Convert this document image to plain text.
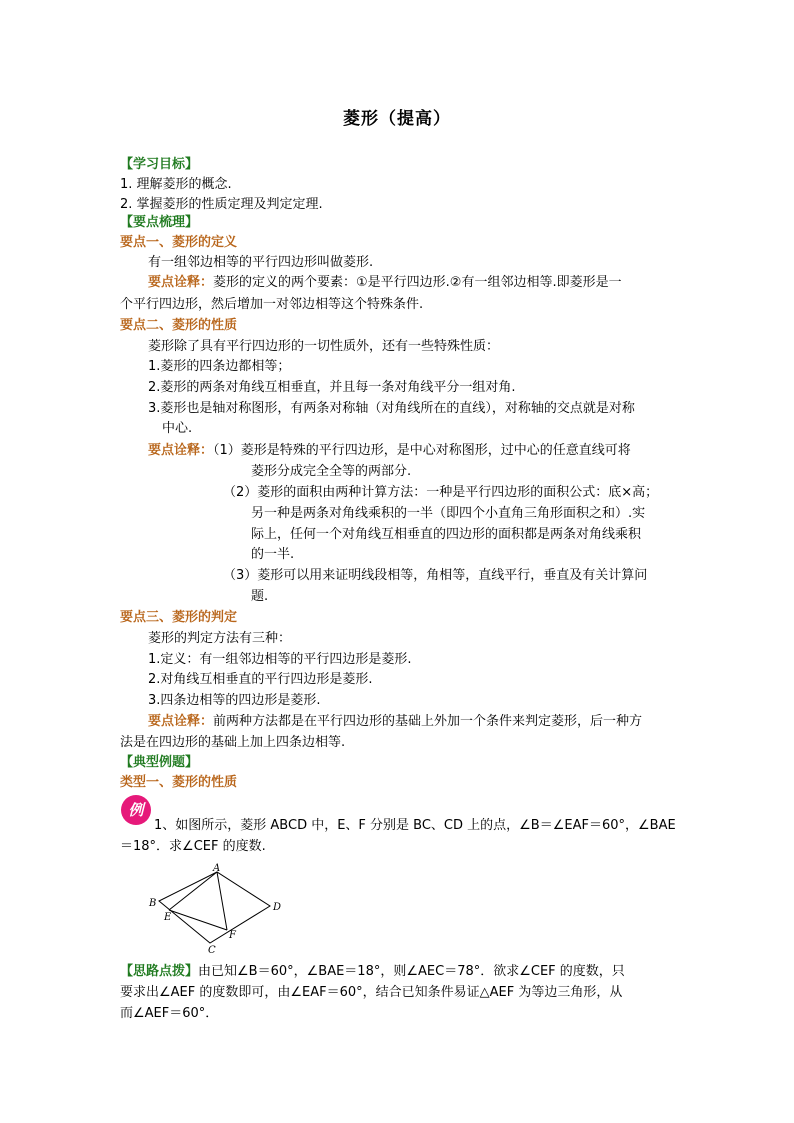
菱形（提高）
【学习目标】
1. 理解菱形的概念.
2. 掌握菱形的性质定理及判定定理.
【要点梳理】
要点一、菱形的定义
有一组邻边相等的平行四边形叫做菱形.
要点诠释：菱形的定义的两个要素：①是平行四边形.②有一组邻边相等.即菱形是一
个平行四边形，然后增加一对邻边相等这个特殊条件.
要点二、菱形的性质
菱形除了具有平行四边形的一切性质外，还有一些特殊性质：
1.菱形的四条边都相等；
2.菱形的两条对角线互相垂直，并且每一条对角线平分一组对角.
3.菱形也是轴对称图形，有两条对称轴（对角线所在的直线），对称轴的交点就是对称
中心.
要点诠释：（1）菱形是特殊的平行四边形，是中心对称图形，过中心的任意直线可将
菱形分成完全全等的两部分.
（2）菱形的面积由两种计算方法：一种是平行四边形的面积公式：底×高；
另一种是两条对角线乘积的一半（即四个小直角三角形面积之和）.实
际上，任何一个对角线互相垂直的四边形的面积都是两条对角线乘积
的一半.
（3）菱形可以用来证明线段相等，角相等，直线平行，垂直及有关计算问
题.
要点三、菱形的判定
菱形的判定方法有三种：
1.定义：有一组邻边相等的平行四边形是菱形.
2.对角线互相垂直的平行四边形是菱形.
3.四条边相等的四边形是菱形.
要点诠释：前两种方法都是在平行四边形的基础上外加一个条件来判定菱形，后一种方
法是在四边形的基础上加上四条边相等.
【典型例题】
类型一、菱形的性质
例
1、如图所示，菱形 ABCD 中，E、F 分别是 BC、CD 上的点，∠B＝∠EAF＝60°，∠BAE
＝18°．求∠CEF 的度数.
A
B
C
D
E
F
【思路点拨】由已知∠B＝60°，∠BAE＝18°，则∠AEC＝78°．欲求∠CEF 的度数，只
要求出∠AEF 的度数即可，由∠EAF＝60°，结合已知条件易证△AEF 为等边三角形，从
而∠AEF＝60°．
